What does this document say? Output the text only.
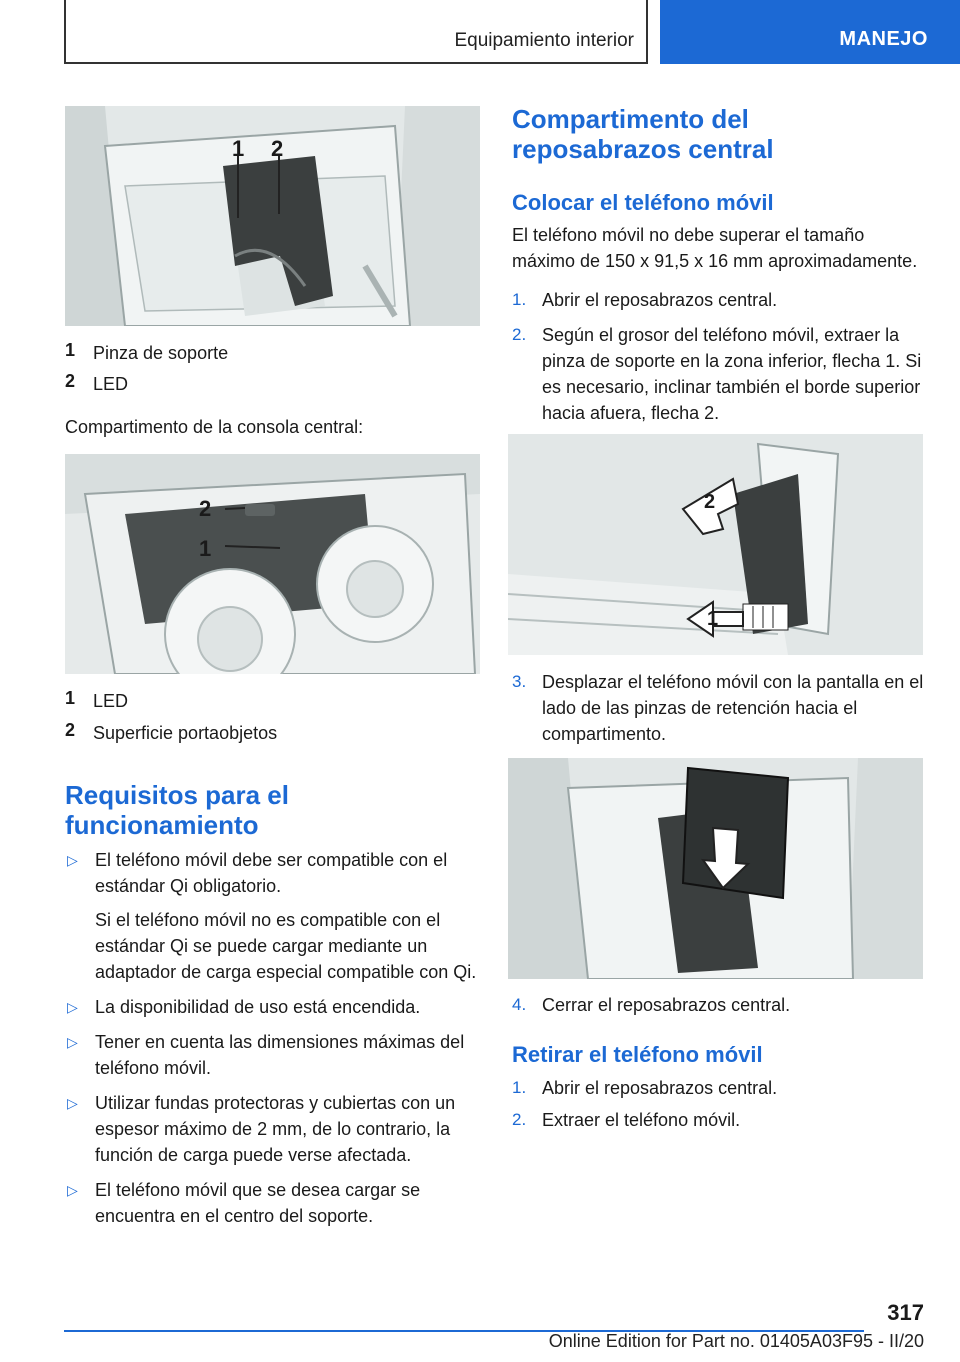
Equipamiento interior	MANEJO
1 2
1 Pinza de soporte
2 LED
Compartimento de la consola central:
2
1
1 LED
2 Superficie portaobjetos
Requisitos para el funcionamiento
▷ El teléfono móvil debe ser compatible con el estándar Qi obligatorio.

Si el teléfono móvil no es compatible con el estándar Qi se puede cargar mediante un adaptador de carga especial compatible con Qi.

▷ La disponibilidad de uso está encendida.

▷ Tener en cuenta las dimensiones máximas del teléfono móvil.

▷ Utilizar fundas protectoras y cubiertas con un espesor máximo de 2 mm, de lo contrario, la función de carga puede verse afectada.

▷ El teléfono móvil que se desea cargar se encuentra en el centro del soporte.

Compartimento del reposabrazos central
Colocar el teléfono móvil
El teléfono móvil no debe superar el tamaño máximo de 150 x 91,5 x 16 mm aproximadamente.
1. Abrir el reposabrazos central.
2. Según el grosor del teléfono móvil, extraer la pinza de soporte en la zona inferior, flecha 1. Si es necesario, inclinar también el borde superior hacia afuera, flecha 2.
2
1
3. Desplazar el teléfono móvil con la pantalla en el lado de las pinzas de retención hacia el compartimento.
4. Cerrar el reposabrazos central.
Retirar el teléfono móvil
1. Abrir el reposabrazos central.
2. Extraer el teléfono móvil.
317
Online Edition for Part no. 01405A03F95 - II/20
